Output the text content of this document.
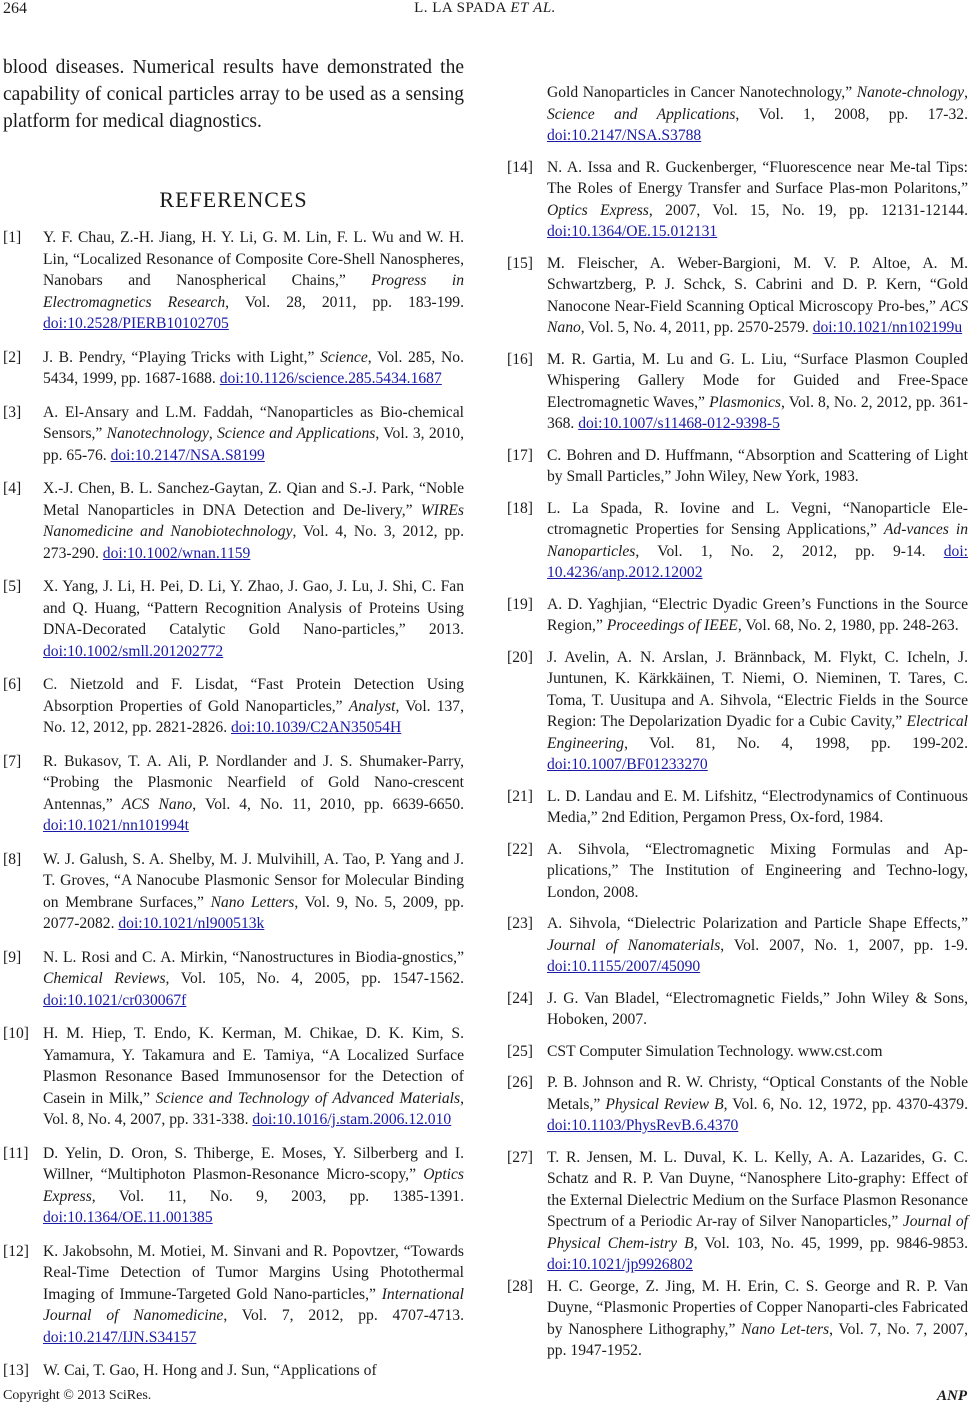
264	L. LA SPADA ET AL.

blood diseases. Numerical results have demonstrated the capability of conical particles array to be used as a sensing platform for medical diagnostics.

REFERENCES
[1] Y. F. Chau, Z.-H. Jiang, H. Y. Li, G. M. Lin, F. L. Wu and W. H. Lin, “Localized Resonance of Composite Core-Shell Nanospheres, Nanobars and Nanospherical Chains,” Progress in Electromagnetics Research, Vol. 28, 2011, pp. 183-199. doi:10.2528/PIERB10102705
[2] J. B. Pendry, “Playing Tricks with Light,” Science, Vol. 285, No. 5434, 1999, pp. 1687-1688. doi:10.1126/science.285.5434.1687
[3] A. El-Ansary and L.M. Faddah, “Nanoparticles as Bio-chemical Sensors,” Nanotechnology, Science and Applications, Vol. 3, 2010, pp. 65-76. doi:10.2147/NSA.S8199
[4] X.-J. Chen, B. L. Sanchez-Gaytan, Z. Qian and S.-J. Park, “Noble Metal Nanoparticles in DNA Detection and De-livery,” WIREs Nanomedicine and Nanobiotechnology, Vol. 4, No. 3, 2012, pp. 273-290. doi:10.1002/wnan.1159
[5] X. Yang, J. Li, H. Pei, D. Li, Y. Zhao, J. Gao, J. Lu, J. Shi, C. Fan and Q. Huang, “Pattern Recognition Analysis of Proteins Using DNA-Decorated Catalytic Gold Nano-particles,” 2013. doi:10.1002/smll.201202772
[6] C. Nietzold and F. Lisdat, “Fast Protein Detection Using Absorption Properties of Gold Nanoparticles,” Analyst, Vol. 137, No. 12, 2012, pp. 2821-2826. doi:10.1039/C2AN35054H
[7] R. Bukasov, T. A. Ali, P. Nordlander and J. S. Shumaker-Parry, “Probing the Plasmonic Nearfield of Gold Nano-crescent Antennas,” ACS Nano, Vol. 4, No. 11, 2010, pp. 6639-6650. doi:10.1021/nn101994t
[8] W. J. Galush, S. A. Shelby, M. J. Mulvihill, A. Tao, P. Yang and J. T. Groves, “A Nanocube Plasmonic Sensor for Molecular Binding on Membrane Surfaces,” Nano Letters, Vol. 9, No. 5, 2009, pp. 2077-2082. doi:10.1021/nl900513k
[9] N. L. Rosi and C. A. Mirkin, “Nanostructures in Biodia-gnostics,” Chemical Reviews, Vol. 105, No. 4, 2005, pp. 1547-1562. doi:10.1021/cr030067f
[10] H. M. Hiep, T. Endo, K. Kerman, M. Chikae, D. K. Kim, S. Yamamura, Y. Takamura and E. Tamiya, “A Localized Surface Plasmon Resonance Based Immunosensor for the Detection of Casein in Milk,” Science and Technology of Advanced Materials, Vol. 8, No. 4, 2007, pp. 331-338. doi:10.1016/j.stam.2006.12.010
[11] D. Yelin, D. Oron, S. Thiberge, E. Moses, Y. Silberberg and I. Willner, “Multiphoton Plasmon-Resonance Micro-scopy,” Optics Express, Vol. 11, No. 9, 2003, pp. 1385-1391. doi:10.1364/OE.11.001385
[12] K. Jakobsohn, M. Motiei, M. Sinvani and R. Popovtzer, “Towards Real-Time Detection of Tumor Margins Using Photothermal Imaging of Immune-Targeted Gold Nano-particles,” International Journal of Nanomedicine, Vol. 7, 2012, pp. 4707-4713. doi:10.2147/IJN.S34157
[13] W. Cai, T. Gao, H. Hong and J. Sun, “Applications of
Gold Nanoparticles in Cancer Nanotechnology,” Nanote-chnology, Science and Applications, Vol. 1, 2008, pp. 17-32. doi:10.2147/NSA.S3788
[14] N. A. Issa and R. Guckenberger, “Fluorescence near Me-tal Tips: The Roles of Energy Transfer and Surface Plas-mon Polaritons,” Optics Express, 2007, Vol. 15, No. 19, pp. 12131-12144. doi:10.1364/OE.15.012131
[15] M. Fleischer, A. Weber-Bargioni, M. V. P. Altoe, A. M. Schwartzberg, P. J. Schck, S. Cabrini and D. P. Kern, “Gold Nanocone Near-Field Scanning Optical Microscopy Pro-bes,” ACS Nano, Vol. 5, No. 4, 2011, pp. 2570-2579. doi:10.1021/nn102199u
[16] M. R. Gartia, M. Lu and G. L. Liu, “Surface Plasmon Coupled Whispering Gallery Mode for Guided and Free-Space Electromagnetic Waves,” Plasmonics, Vol. 8, No. 2, 2012, pp. 361-368. doi:10.1007/s11468-012-9398-5
[17] C. Bohren and D. Huffmann, “Absorption and Scattering of Light by Small Particles,” John Wiley, New York, 1983.
[18] L. La Spada, R. Iovine and L. Vegni, “Nanoparticle Ele-ctromagnetic Properties for Sensing Applications,” Ad-vances in Nanoparticles, Vol. 1, No. 2, 2012, pp. 9-14. doi: 10.4236/anp.2012.12002
[19] A. D. Yaghjian, “Electric Dyadic Green’s Functions in the Source Region,” Proceedings of IEEE, Vol. 68, No. 2, 1980, pp. 248-263.
[20] J. Avelin, A. N. Arslan, J. Brännback, M. Flykt, C. Icheln, J. Juntunen, K. Kärkkäinen, T. Niemi, O. Nieminen, T. Tares, C. Toma, T. Uusitupa and A. Sihvola, “Electric Fields in the Source Region: The Depolarization Dyadic for a Cubic Cavity,” Electrical Engineering, Vol. 81, No. 4, 1998, pp. 199-202. doi:10.1007/BF01233270
[21] L. D. Landau and E. M. Lifshitz, “Electrodynamics of Continuous Media,” 2nd Edition, Pergamon Press, Ox-ford, 1984.
[22] A. Sihvola, “Electromagnetic Mixing Formulas and Ap-plications,” The Institution of Engineering and Techno-logy, London, 2008.
[23] A. Sihvola, “Dielectric Polarization and Particle Shape Effects,” Journal of Nanomaterials, Vol. 2007, No. 1, 2007, pp. 1-9. doi:10.1155/2007/45090
[24] J. G. Van Bladel, “Electromagnetic Fields,” John Wiley & Sons, Hoboken, 2007.
[25] CST Computer Simulation Technology. www.cst.com
[26] P. B. Johnson and R. W. Christy, “Optical Constants of the Noble Metals,” Physical Review B, Vol. 6, No. 12, 1972, pp. 4370-4379. doi:10.1103/PhysRevB.6.4370
[27] T. R. Jensen, M. L. Duval, K. L. Kelly, A. A. Lazarides, G. C. Schatz and R. P. Van Duyne, “Nanosphere Lito-graphy: Effect of the External Dielectric Medium on the Surface Plasmon Resonance Spectrum of a Periodic Ar-ray of Silver Nanoparticles,” Journal of Physical Chem-istry B, Vol. 103, No. 45, 1999, pp. 9846-9853. doi:10.1021/jp9926802
[28] H. C. George, Z. Jing, M. H. Erin, C. S. George and R. P. Van Duyne, “Plasmonic Properties of Copper Nanoparti-cles Fabricated by Nanosphere Lithography,” Nano Let-ters, Vol. 7, No. 7, 2007, pp. 1947-1952.
Copyright © 2013 SciRes.	ANP
